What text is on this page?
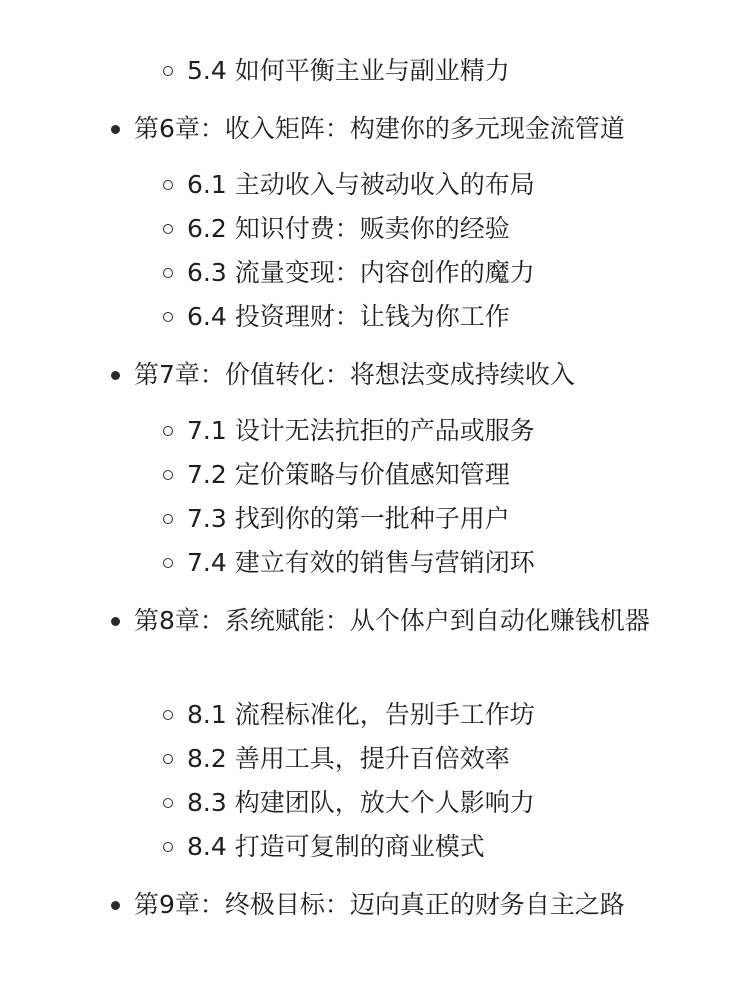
5.4 如何平衡主业与副业精力
第6章：收入矩阵：构建你的多元现金流管道
6.1 主动收入与被动收入的布局
6.2 知识付费：贩卖你的经验
6.3 流量变现：内容创作的魔力
6.4 投资理财：让钱为你工作
第7章：价值转化：将想法变成持续收入
7.1 设计无法抗拒的产品或服务
7.2 定价策略与价值感知管理
7.3 找到你的第一批种子用户
7.4 建立有效的销售与营销闭环
第8章：系统赋能：从个体户到自动化赚钱机器
8.1 流程标准化，告别手工作坊
8.2 善用工具，提升百倍效率
8.3 构建团队，放大个人影响力
8.4 打造可复制的商业模式
第9章：终极目标：迈向真正的财务自主之路
